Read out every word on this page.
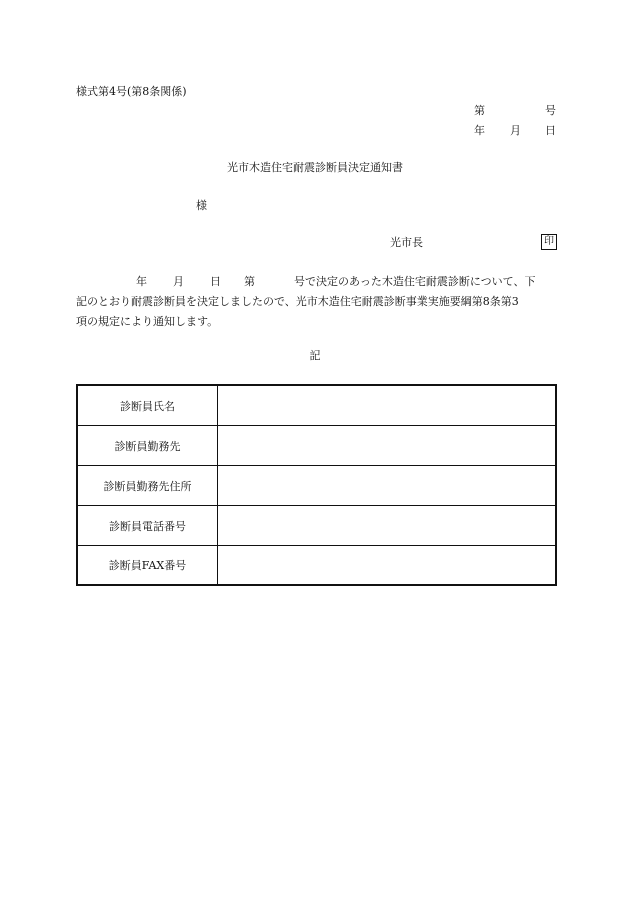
様式第4号(第8条関係)
第	号
年 月 日
光市木造住宅耐震診断員決定通知書
様
光市長	印
年 月 日 第	号で決定のあった木造住宅耐震診断について、下
記のとおり耐震診断員を決定しましたので、光市木造住宅耐震診断事業実施要綱第8条第3
項の規定により通知します。
記
診断員氏名
診断員勤務先
診断員勤務先住所
診断員電話番号
診断員FAX番号
